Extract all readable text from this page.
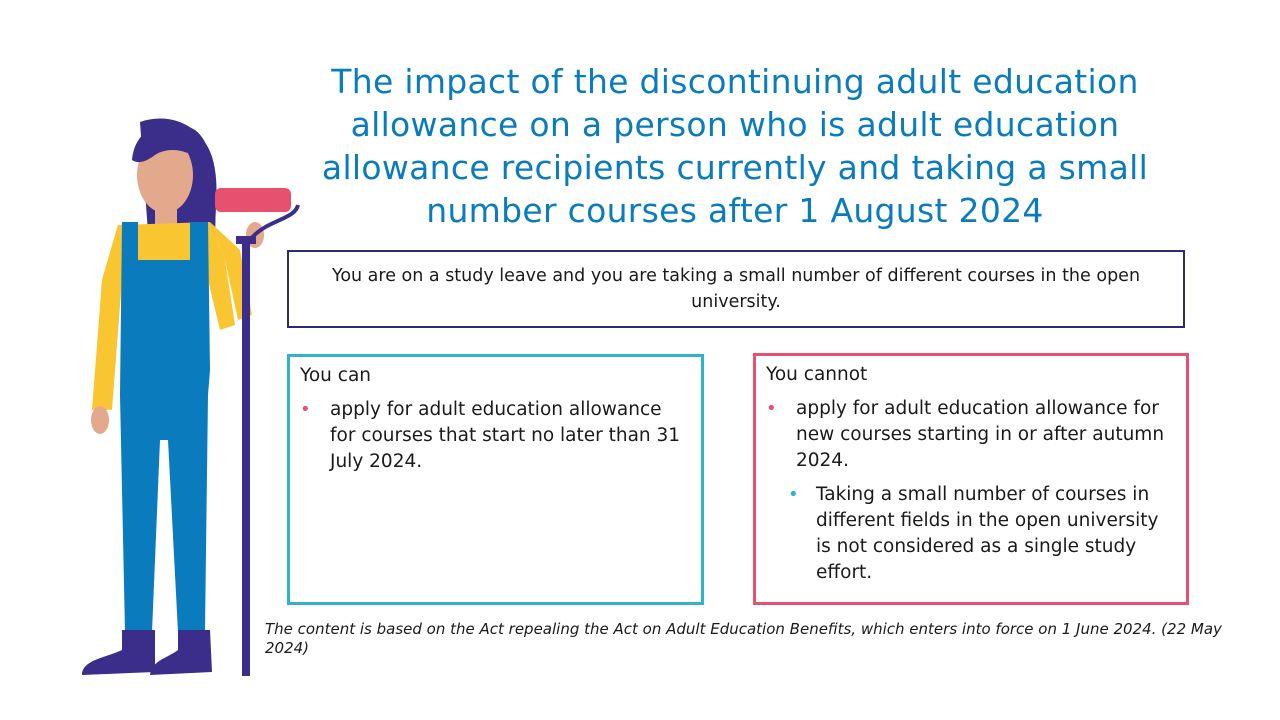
The impact of the discontinuing adult education allowance on a person who is adult education allowance recipients currently and taking a small number courses after 1 August 2024
You are on a study leave and you are taking a small number of different courses in the open university.

You can

• apply for adult education allowance for courses that start no later than 31 July 2024.

You cannot

• apply for adult education allowance for new courses starting in or after autumn 2024.
• Taking a small number of courses in different fields in the open university is not considered as a single study effort.

The content is based on the Act repealing the Act on Adult Education Benefits, which enters into force on 1 June 2024. (22 May 2024)
